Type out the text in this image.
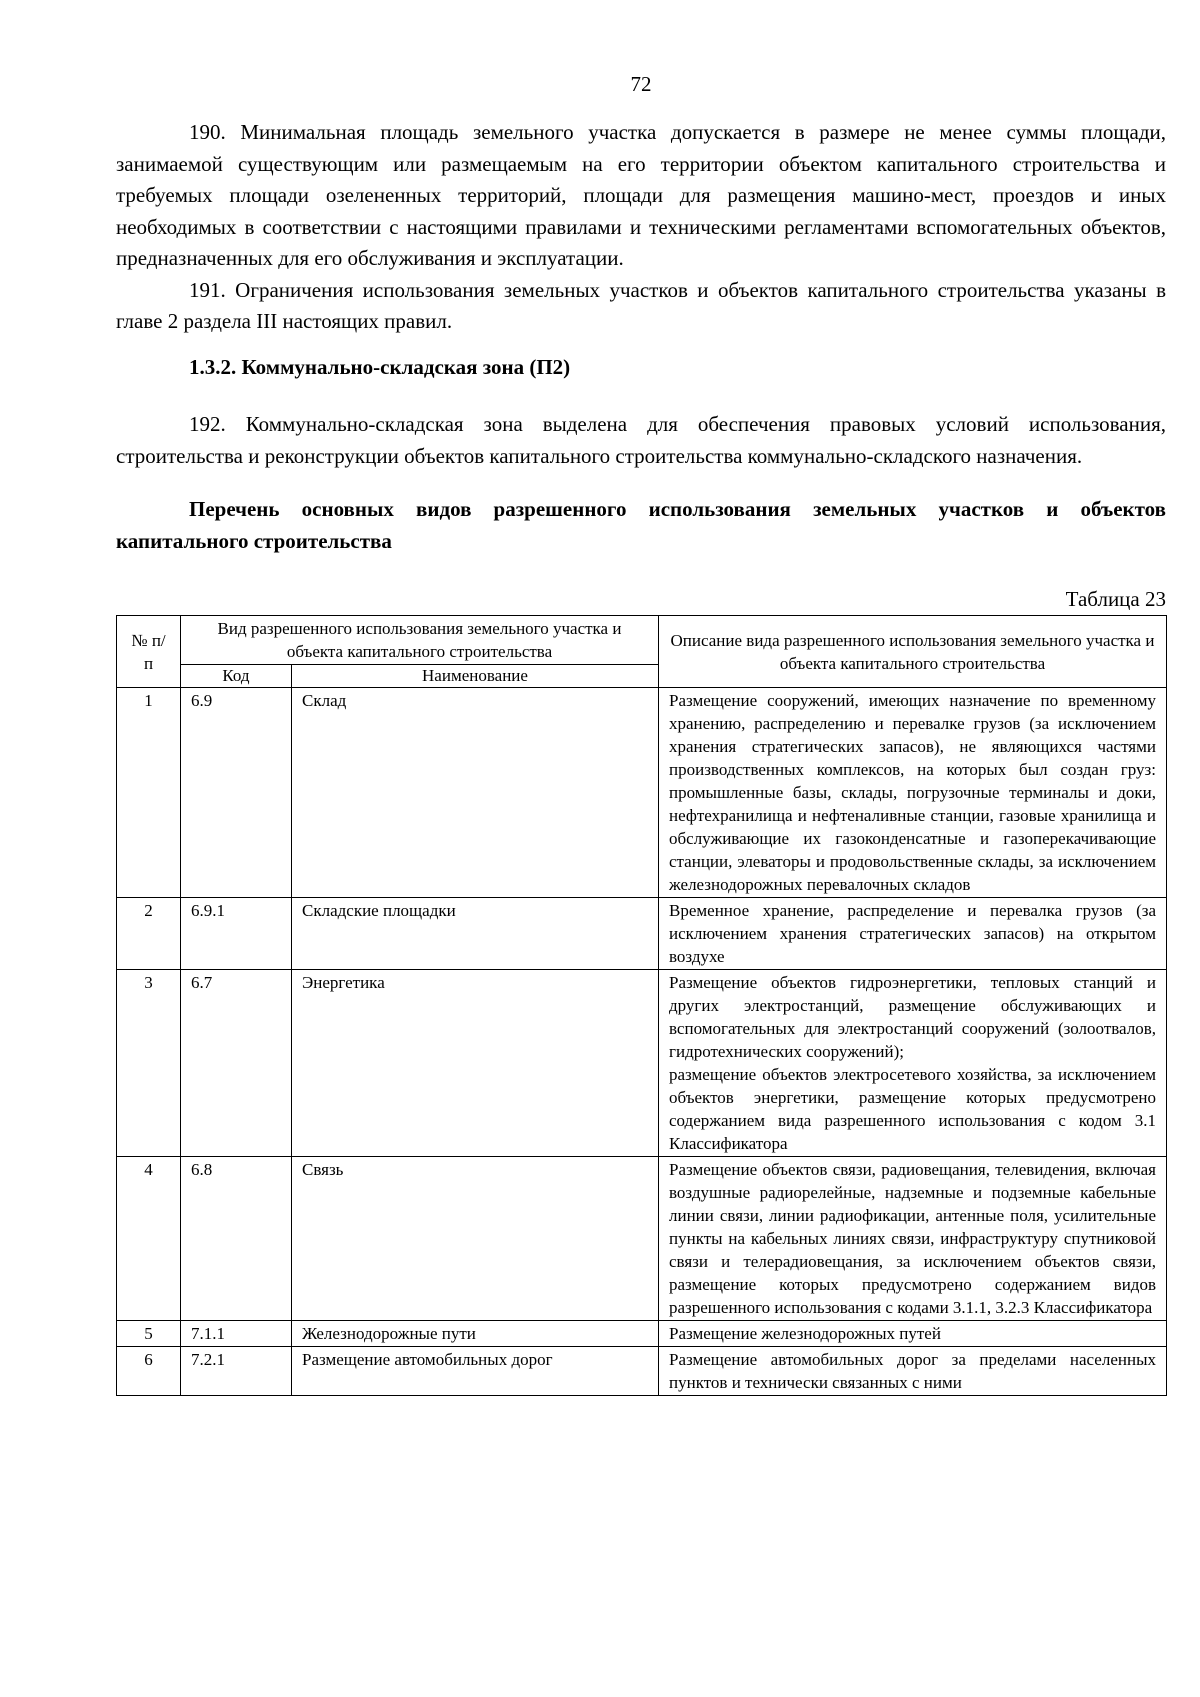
72

190. Минимальная площадь земельного участка допускается в размере не менее суммы площади, занимаемой существующим или размещаемым на его территории объектом капитального строительства и требуемых площади озелененных территорий, площади для размещения машино-мест, проездов и иных необходимых в соответствии с настоящими правилами и техническими регламентами вспомогательных объектов, предназначенных для его обслуживания и эксплуатации.

191. Ограничения использования земельных участков и объектов капитального строительства указаны в главе 2 раздела III настоящих правил.

1.3.2. Коммунально-складская зона (П2)

192. Коммунально-складская зона выделена для обеспечения правовых условий использования, строительства и реконструкции объектов капитального строительства коммунально-складского назначения.

Перечень основных видов разрешенного использования земельных участков и объектов капитального строительства

Таблица 23
№ п/п	Вид разрешенного использования земельного участка и объекта капитального строительства		Описание вида разрешенного использования земельного участка и объекта капитального строительства
	Код	Наименование	
1	6.9	Склад	Размещение сооружений, имеющих назначение по временному хранению, распределению и перевалке грузов (за исключением хранения стратегических запасов), не являющихся частями производственных комплексов, на которых был создан груз: промышленные базы, склады, погрузочные терминалы и доки, нефтехранилища и нефтеналивные станции, газовые хранилища и обслуживающие их газоконденсатные и газоперекачивающие станции, элеваторы и продовольственные склады, за исключением железнодорожных перевалочных складов
2	6.9.1	Складские площадки	Временное хранение, распределение и перевалка грузов (за исключением хранения стратегических запасов) на открытом воздухе
3	6.7	Энергетика	Размещение объектов гидроэнергетики, тепловых станций и других электростанций, размещение обслуживающих и вспомогательных для электростанций сооружений (золоотвалов, гидротехнических сооружений);
размещение объектов электросетевого хозяйства, за исключением объектов энергетики, размещение которых предусмотрено содержанием вида разрешенного использования с кодом 3.1 Классификатора
4	6.8	Связь	Размещение объектов связи, радиовещания, телевидения, включая воздушные радиорелейные, надземные и подземные кабельные линии связи, линии радиофикации, антенные поля, усилительные пункты на кабельных линиях связи, инфраструктуру спутниковой связи и телерадиовещания, за исключением объектов связи, размещение которых предусмотрено содержанием видов разрешенного использования с кодами 3.1.1, 3.2.3 Классификатора
5	7.1.1	Железнодорожные пути	Размещение железнодорожных путей
6	7.2.1	Размещение автомобильных дорог	Размещение автомобильных дорог за пределами населенных пунктов и технически связанных с ними
